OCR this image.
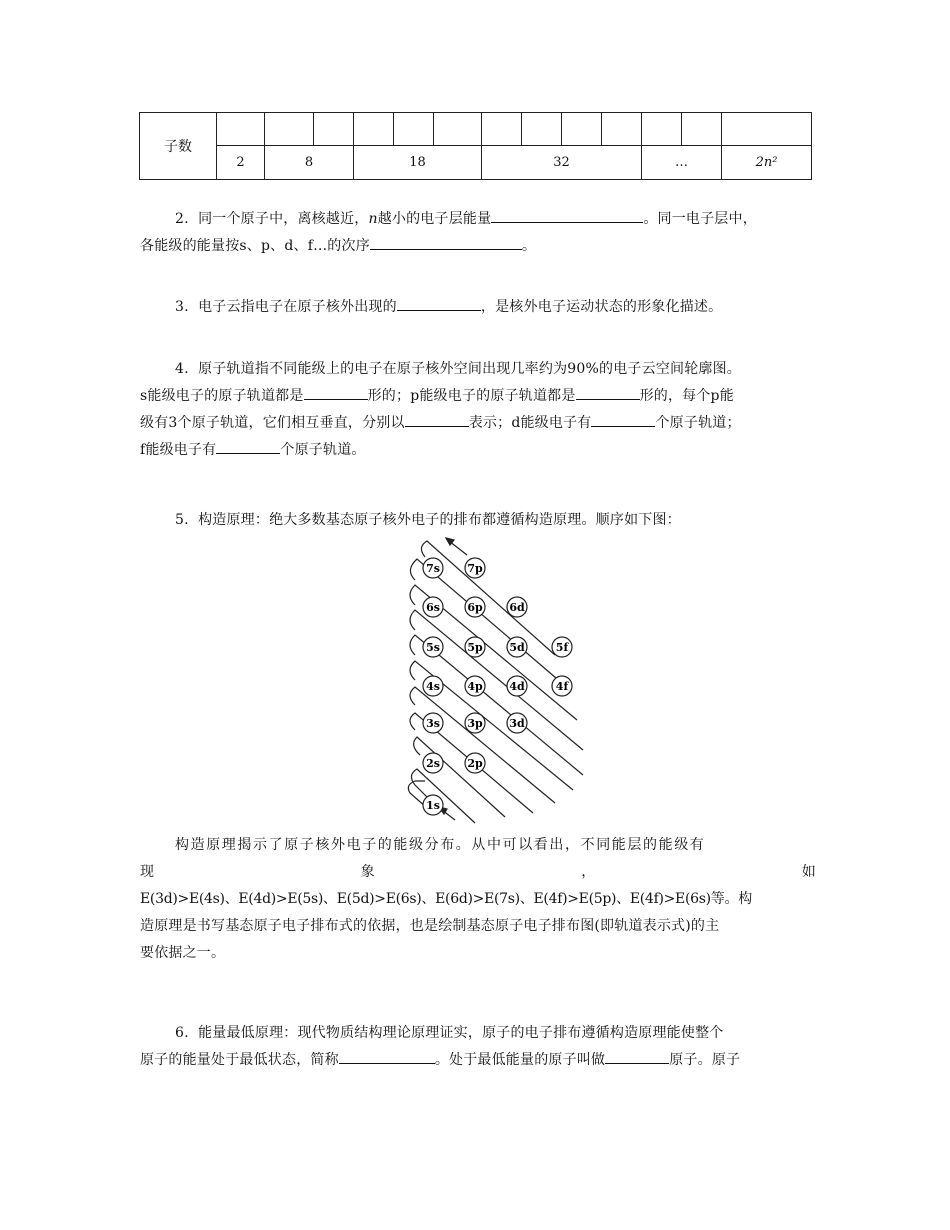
子数													
	2	8		18			32				…		2n²
2. 同一个原子中，离核越近，n越小的电子层能量	。同一电子层中，
各能级的能量按s、p、d、f…的次序	。
3. 电子云指电子在原子核外出现的	，是核外电子运动状态的形象化描述。
4. 原子轨道指不同能级上的电子在原子核外空间出现几率约为90%的电子云空间轮廓图。
s能级电子的原子轨道都是	形的；p能级电子的原子轨道都是	形的，每个p能
级有3个原子轨道，它们相互垂直，分别以	表示；d能级电子有	个原子轨道；
f能级电子有	个原子轨道。
5. 构造原理：绝大多数基态原子核外电子的排布都遵循构造原理。顺序如下图：
7s 7p
6s 6p 6d
5s 5p 5d	5f
4s 4p 4d	4f
3s 3p 3d
2s 2p
1s
构造原理揭示了原子核外电子的能级分布。从中可以看出，不同能层的能级有
现	象	，	如
E(3d)>E(4s)、E(4d)>E(5s)、E(5d)>E(6s)、E(6d)>E(7s)、E(4f)>E(5p)、E(4f)>E(6s)等。构
造原理是书写基态原子电子排布式的依据，也是绘制基态原子电子排布图(即轨道表示式)的主
要依据之一。
6. 能量最低原理：现代物质结构理论原理证实，原子的电子排布遵循构造原理能使整个
原子的能量处于最低状态，简称	。处于最低能量的原子叫做	原子。原子
